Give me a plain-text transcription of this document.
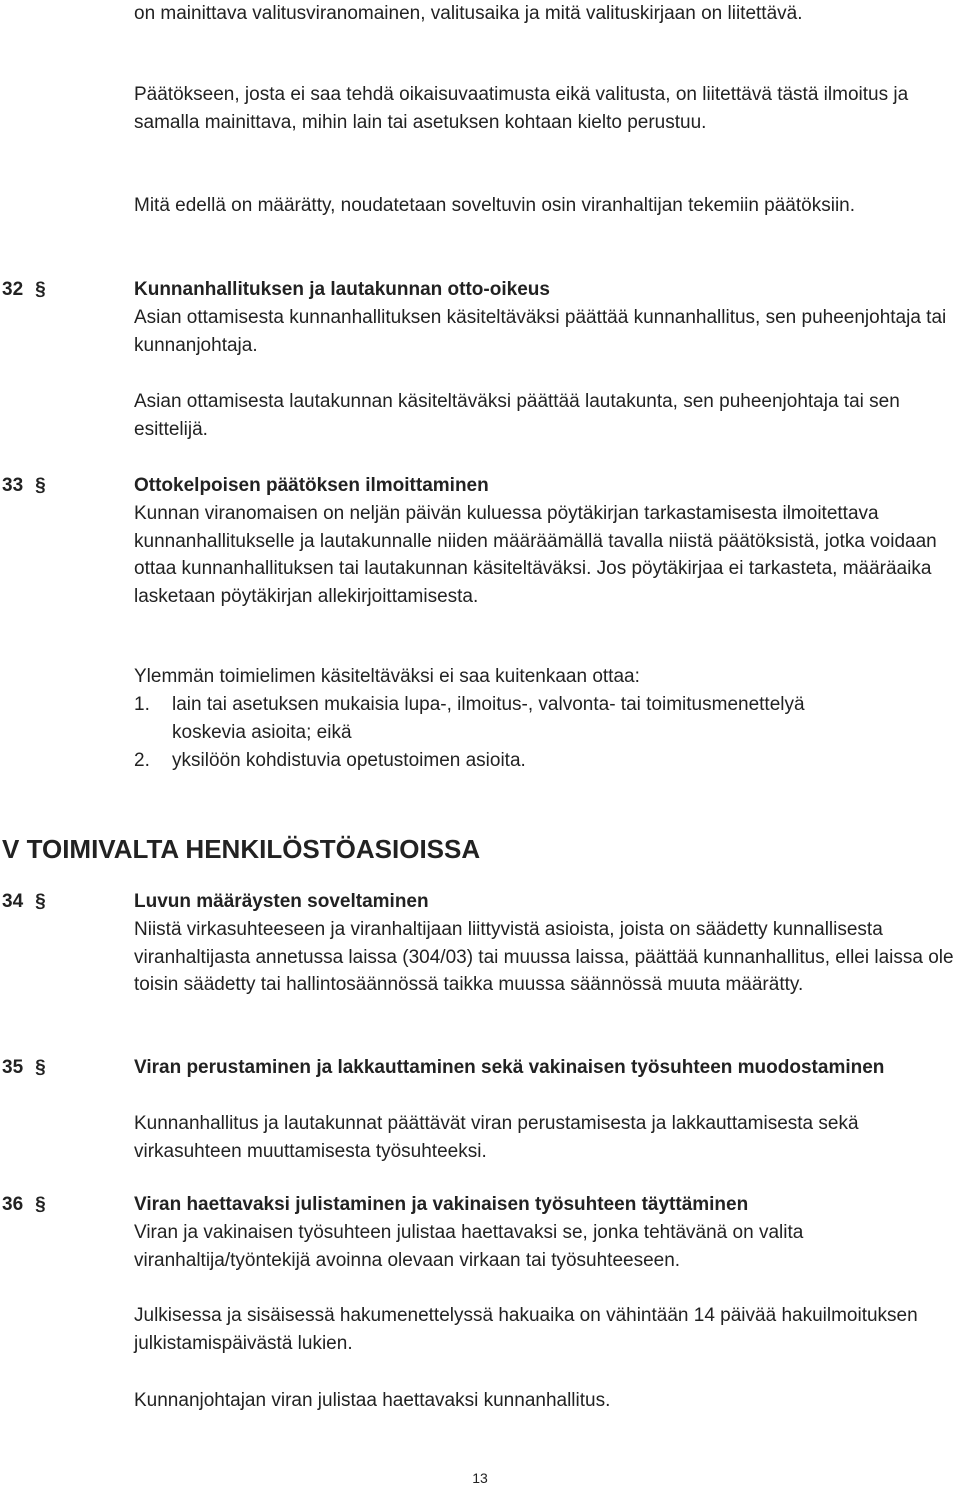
on mainittava valitusviranomainen, valitusaika ja mitä valituskirjaan on liitettävä.

Päätökseen, josta ei saa tehdä oikaisuvaatimusta eikä valitusta, on liitettävä tästä ilmoitus ja samalla mainittava, mihin lain tai asetuksen kohtaan kielto perustuu.

Mitä edellä on määrätty, noudatetaan soveltuvin osin viranhaltijan tekemiin päätöksiin.

32 §	Kunnanhallituksen ja lautakunnan otto-oikeus

Asian ottamisesta kunnanhallituksen käsiteltäväksi päättää kunnanhallitus, sen puheenjohtaja tai kunnanjohtaja.

Asian ottamisesta lautakunnan käsiteltäväksi päättää lautakunta, sen puheenjohtaja tai sen esittelijä.

33 §	Ottokelpoisen päätöksen ilmoittaminen

Kunnan viranomaisen on neljän päivän kuluessa pöytäkirjan tarkastamisesta ilmoitettava kunnanhallitukselle ja lautakunnalle niiden määräämällä tavalla niistä päätöksistä, jotka voidaan ottaa kunnanhallituksen tai lautakunnan käsiteltäväksi. Jos pöytäkirjaa ei tarkasteta, määräaika lasketaan pöytäkirjan allekirjoittamisesta.

Ylemmän toimielimen käsiteltäväksi ei saa kuitenkaan ottaa:

1. lain tai asetuksen mukaisia lupa-, ilmoitus-, valvonta- tai toimitusmenettelyä koskevia asioita; eikä
2. yksilöön kohdistuvia opetustoimen asioita.
V TOIMIVALTA HENKILÖSTÖASIOISSA
34 §	Luvun määräysten soveltaminen

Niistä virkasuhteeseen ja viranhaltijaan liittyvistä asioista, joista on säädetty kunnallisesta viranhaltijasta annetussa laissa (304/03) tai muussa laissa, päättää kunnanhallitus, ellei laissa ole toisin säädetty tai hallintosäännössä taikka muussa säännössä muuta määrätty.

35 §	Viran perustaminen ja lakkauttaminen sekä vakinaisen työsuhteen muodostaminen

Kunnanhallitus ja lautakunnat päättävät viran perustamisesta ja lakkauttamisesta sekä virkasuhteen muuttamisesta työsuhteeksi.

36 §	Viran haettavaksi julistaminen ja vakinaisen työsuhteen täyttäminen

Viran ja vakinaisen työsuhteen julistaa haettavaksi se, jonka tehtävänä on valita viranhaltija/työntekijä avoinna olevaan virkaan tai työsuhteeseen.

Julkisessa ja sisäisessä hakumenettelyssä hakuaika on vähintään 14 päivää hakuilmoituksen julkistamispäivästä lukien.

Kunnanjohtajan viran julistaa haettavaksi kunnanhallitus.

13
